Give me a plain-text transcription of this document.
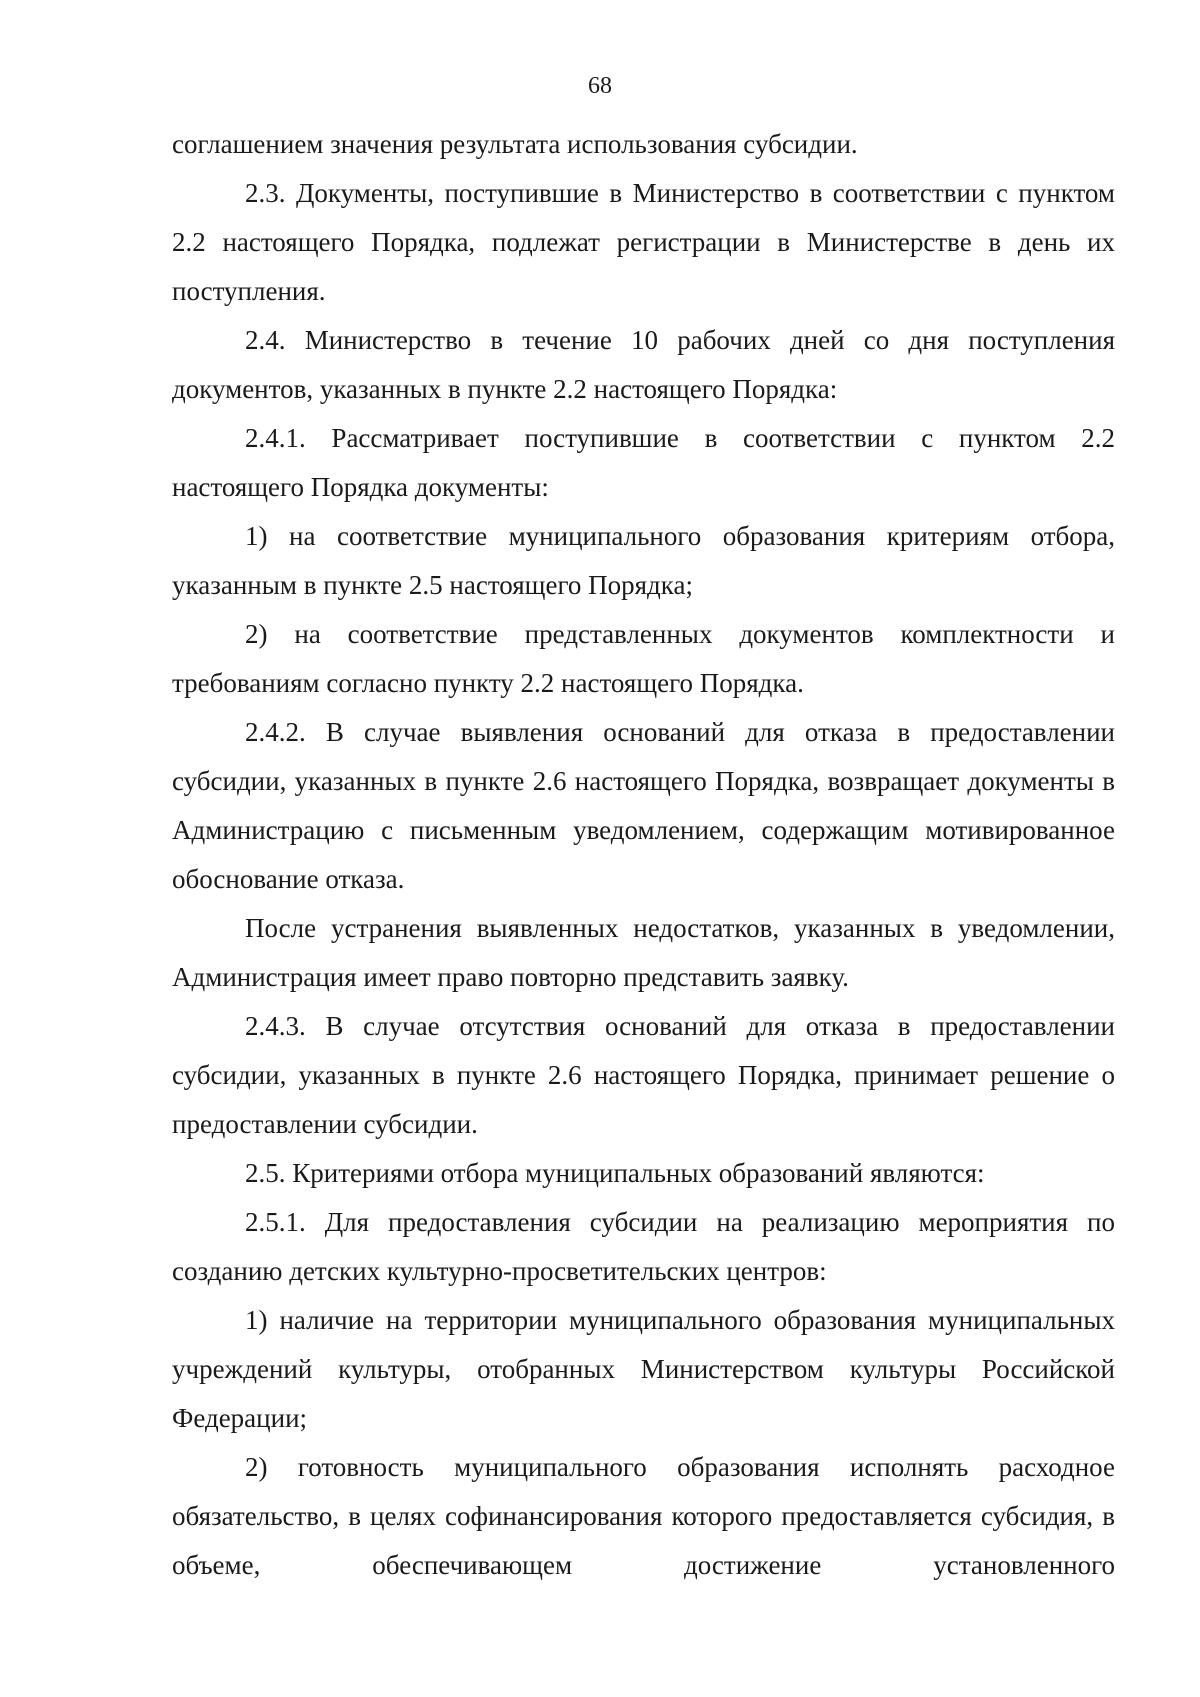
68

соглашением значения результата использования субсидии.

2.3. Документы, поступившие в Министерство в соответствии с пунктом 2.2 настоящего Порядка, подлежат регистрации в Министерстве в день их поступления.

2.4. Министерство в течение 10 рабочих дней со дня поступления документов, указанных в пункте 2.2 настоящего Порядка:

2.4.1. Рассматривает поступившие в соответствии с пунктом 2.2 настоящего Порядка документы:

1) на соответствие муниципального образования критериям отбора, указанным в пункте 2.5 настоящего Порядка;

2) на соответствие представленных документов комплектности и требованиям согласно пункту 2.2 настоящего Порядка.

2.4.2. В случае выявления оснований для отказа в предоставлении субсидии, указанных в пункте 2.6 настоящего Порядка, возвращает документы в Администрацию с письменным уведомлением, содержащим мотивированное обоснование отказа.

После устранения выявленных недостатков, указанных в уведомлении, Администрация имеет право повторно представить заявку.

2.4.3. В случае отсутствия оснований для отказа в предоставлении субсидии, указанных в пункте 2.6 настоящего Порядка, принимает решение о предоставлении субсидии.

2.5. Критериями отбора муниципальных образований являются:

2.5.1. Для предоставления субсидии на реализацию мероприятия по созданию детских культурно-просветительских центров:

1) наличие на территории муниципального образования муниципальных учреждений культуры, отобранных Министерством культуры Российской Федерации;

2) готовность муниципального образования исполнять расходное обязательство, в целях софинансирования которого предоставляется субсидия, в объеме, обеспечивающем достижение установленного
